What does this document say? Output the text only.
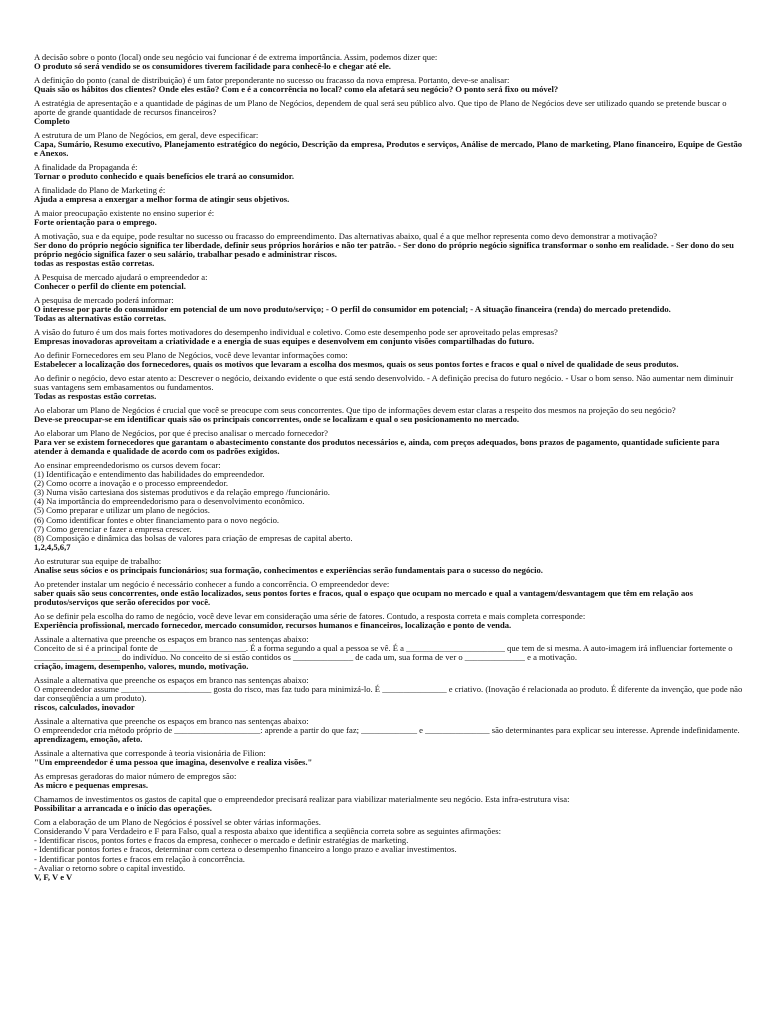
A decisão sobre o ponto (local) onde seu negócio vai funcionar é de extrema importância. Assim, podemos dizer que:
O produto só será vendido se os consumidores tiverem facilidade para conhecê-lo e chegar até ele.
A definição do ponto (canal de distribuição) é um fator preponderante no sucesso ou fracasso da nova empresa. Portanto, deve-se analisar:
Quais são os hábitos dos clientes? Onde eles estão? Com e é a concorrência no local? como ela afetará seu negócio? O ponto será fixo ou móvel?
A estratégia de apresentação e a quantidade de páginas de um Plano de Negócios, dependem de qual será seu público alvo. Que tipo de Plano de Negócios deve ser utilizado quando se pretende buscar o aporte de grande quantidade de recursos financeiros?
Completo
A estrutura de um Plano de Negócios, em geral, deve especificar:
Capa, Sumário, Resumo executivo, Planejamento estratégico do negócio, Descrição da empresa, Produtos e serviços, Análise de mercado, Plano de marketing, Plano financeiro, Equipe de Gestão e Anexos.
A finalidade da Propaganda é:
Tornar o produto conhecido e quais benefícios ele trará ao consumidor.
A finalidade do Plano de Marketing é:
Ajuda a empresa a enxergar a melhor forma de atingir seus objetivos.
A maior preocupação existente no ensino superior é:
Forte orientação para o emprego.
A motivação, sua e da equipe, pode resultar no sucesso ou fracasso do empreendimento. Das alternativas abaixo, qual é a que melhor representa como devo demonstrar a motivação?
Ser dono do próprio negócio significa ter liberdade, definir seus próprios horários e não ter patrão. - Ser dono do próprio negócio significa transformar o sonho em realidade. - Ser dono do seu próprio negócio significa fazer o seu salário, trabalhar pesado e administrar riscos.
todas as respostas estão corretas.
A Pesquisa de mercado ajudará o empreendedor a:
Conhecer o perfil do cliente em potencial.
A pesquisa de mercado poderá informar:
O interesse por parte do consumidor em potencial de um novo produto/serviço; - O perfil do consumidor em potencial; - A situação financeira (renda) do mercado pretendido.
Todas as alternativas estão corretas.
A visão do futuro é um dos mais fortes motivadores do desempenho individual e coletivo. Como este desempenho pode ser aproveitado pelas empresas?
Empresas inovadoras aproveitam a criatividade e a energia de suas equipes e desenvolvem em conjunto visões compartilhadas do futuro.
Ao definir Fornecedores em seu Plano de Negócios, você deve levantar informações como:
Estabelecer a localização dos fornecedores, quais os motivos que levaram a escolha dos mesmos, quais os seus pontos fortes e fracos e qual o nível de qualidade de seus produtos.
Ao definir o negócio, devo estar atento a: Descrever o negócio, deixando evidente o que está sendo desenvolvido. - A definição precisa do futuro negócio. - Usar o bom senso. Não aumentar nem diminuir suas vantagens sem embasamentos ou fundamentos.
Todas as respostas estão corretas.
Ao elaborar um Plano de Negócios é crucial que você se preocupe com seus concorrentes. Que tipo de informações devem estar claras a respeito dos mesmos na projeção do seu negócio?
Deve-se preocupar-se em identificar quais são os principais concorrentes, onde se localizam e qual o seu posicionamento no mercado.
Ao elaborar um Plano de Negócios, por que é preciso analisar o mercado fornecedor?
Para ver se existem fornecedores que garantam o abastecimento constante dos produtos necessários e, ainda, com preços adequados, bons prazos de pagamento, quantidade suficiente para atender à demanda e qualidade de acordo com os padrões exigidos.
Ao ensinar empreendedorismo os cursos devem focar:
(1) Identificação e entendimento das habilidades do empreendedor.
(2) Como ocorre a inovação e o processo empreendedor.
(3) Numa visão cartesiana dos sistemas produtivos e da relação emprego /funcionário.
(4) Na importância do empreendedorismo para o desenvolvimento econômico.
(5) Como preparar e utilizar um plano de negócios.
(6) Como identificar fontes e obter financiamento para o novo negócio.
(7) Como gerenciar e fazer a empresa crescer.
(8) Composição e dinâmica das bolsas de valores para criação de empresas de capital aberto.
1,2,4,5,6,7
Ao estruturar sua equipe de trabalho:
Analise seus sócios e os principais funcionários; sua formação, conhecimentos e experiências serão fundamentais para o sucesso do negócio.
Ao pretender instalar um negócio é necessário conhecer a fundo a concorrência. O empreendedor deve:
saber quais são seus concorrentes, onde estão localizados, seus pontos fortes e fracos, qual o espaço que ocupam no mercado e qual a vantagem/desvantagem que têm em relação aos produtos/serviços que serão oferecidos por você.
Ao se definir pela escolha do ramo de negócio, você deve levar em consideração uma série de fatores. Contudo, a resposta correta e mais completa corresponde:
Experiência profissional, mercado fornecedor, mercado consumidor, recursos humanos e financeiros, localização e ponto de venda.
Assinale a alternativa que preenche os espaços em branco nas sentenças abaixo:
Conceito de si é a principal fonte de ____________________. É a forma segundo a qual a pessoa se vê. É a _______________________ que tem de si mesma. A auto-imagem irá influenciar fortemente o ____________________ do indivíduo. No conceito de si estão contidos os ______________ de cada um, sua forma de ver o ______________ e a motivação.
criação, imagem, desempenho, valores, mundo, motivação.
Assinale a alternativa que preenche os espaços em branco nas sentenças abaixo:
O empreendedor assume _____________________ gosta do risco, mas faz tudo para minimizá-lo. É _______________ e criativo. (Inovação é relacionada ao produto. É diferente da invenção, que pode não dar conseqüência a um produto).
riscos, calculados, inovador
Assinale a alternativa que preenche os espaços em branco nas sentenças abaixo:
O empreendedor cria método próprio de ____________________: aprende a partir do que faz; _____________ e _______________ são determinantes para explicar seu interesse. Aprende indefinidamente.
aprendizagem, emoção, afeto.
Assinale a alternativa que corresponde à teoria visionária de Filion:
"Um empreendedor é uma pessoa que imagina, desenvolve e realiza visões."
As empresas geradoras do maior número de empregos são:
As micro e pequenas empresas.
Chamamos de investimentos os gastos de capital que o empreendedor precisará realizar para viabilizar materialmente seu negócio. Esta infra-estrutura visa:
Possibilitar a arrancada e o início das operações.
Com a elaboração de um Plano de Negócios é possível se obter várias informações.
Considerando V para Verdadeiro e F para Falso, qual a resposta abaixo que identifica a seqüência correta sobre as seguintes afirmações:
- Identificar riscos, pontos fortes e fracos da empresa, conhecer o mercado e definir estratégias de marketing.
- Identificar pontos fortes e fracos, determinar com certeza o desempenho financeiro a longo prazo e avaliar investimentos.
- Identificar pontos fortes e fracos em relação à concorrência.
- Avaliar o retorno sobre o capital investido.
V, F, V e V
